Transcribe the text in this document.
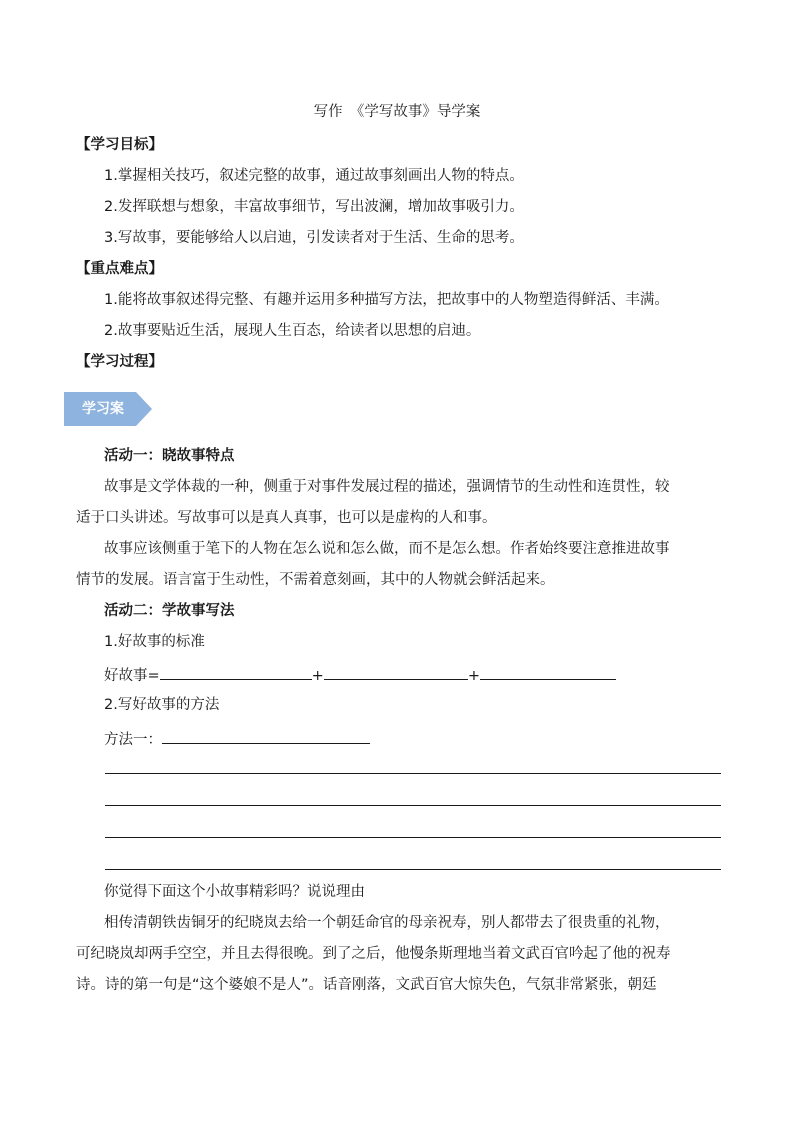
写作　《学写故事》导学案
【学习目标】
1.掌握相关技巧，叙述完整的故事，通过故事刻画出人物的特点。
2.发挥联想与想象，丰富故事细节，写出波澜，增加故事吸引力。
3.写故事，要能够给人以启迪，引发读者对于生活、生命的思考。
【重点难点】
1.能将故事叙述得完整、有趣并运用多种描写方法，把故事中的人物塑造得鲜活、丰满。
2.故事要贴近生活，展现人生百态，给读者以思想的启迪。
【学习过程】
学习案
活动一：晓故事特点
故事是文学体裁的一种，侧重于对事件发展过程的描述，强调情节的生动性和连贯性，较
适于口头讲述。写故事可以是真人真事，也可以是虚构的人和事。
故事应该侧重于笔下的人物在怎么说和怎么做，而不是怎么想。作者始终要注意推进故事
情节的发展。语言富于生动性，不需着意刻画，其中的人物就会鲜活起来。
活动二：学故事写法
1.好故事的标准
好故事=	+	+
2.写好故事的方法
方法一：
你觉得下面这个小故事精彩吗？说说理由
相传清朝铁齿铜牙的纪晓岚去给一个朝廷命官的母亲祝寿，别人都带去了很贵重的礼物，
可纪晓岚却两手空空，并且去得很晚。到了之后，他慢条斯理地当着文武百官吟起了他的祝寿
诗。诗的第一句是“这个婆娘不是人”。话音刚落，文武百官大惊失色，气氛非常紧张，朝廷
